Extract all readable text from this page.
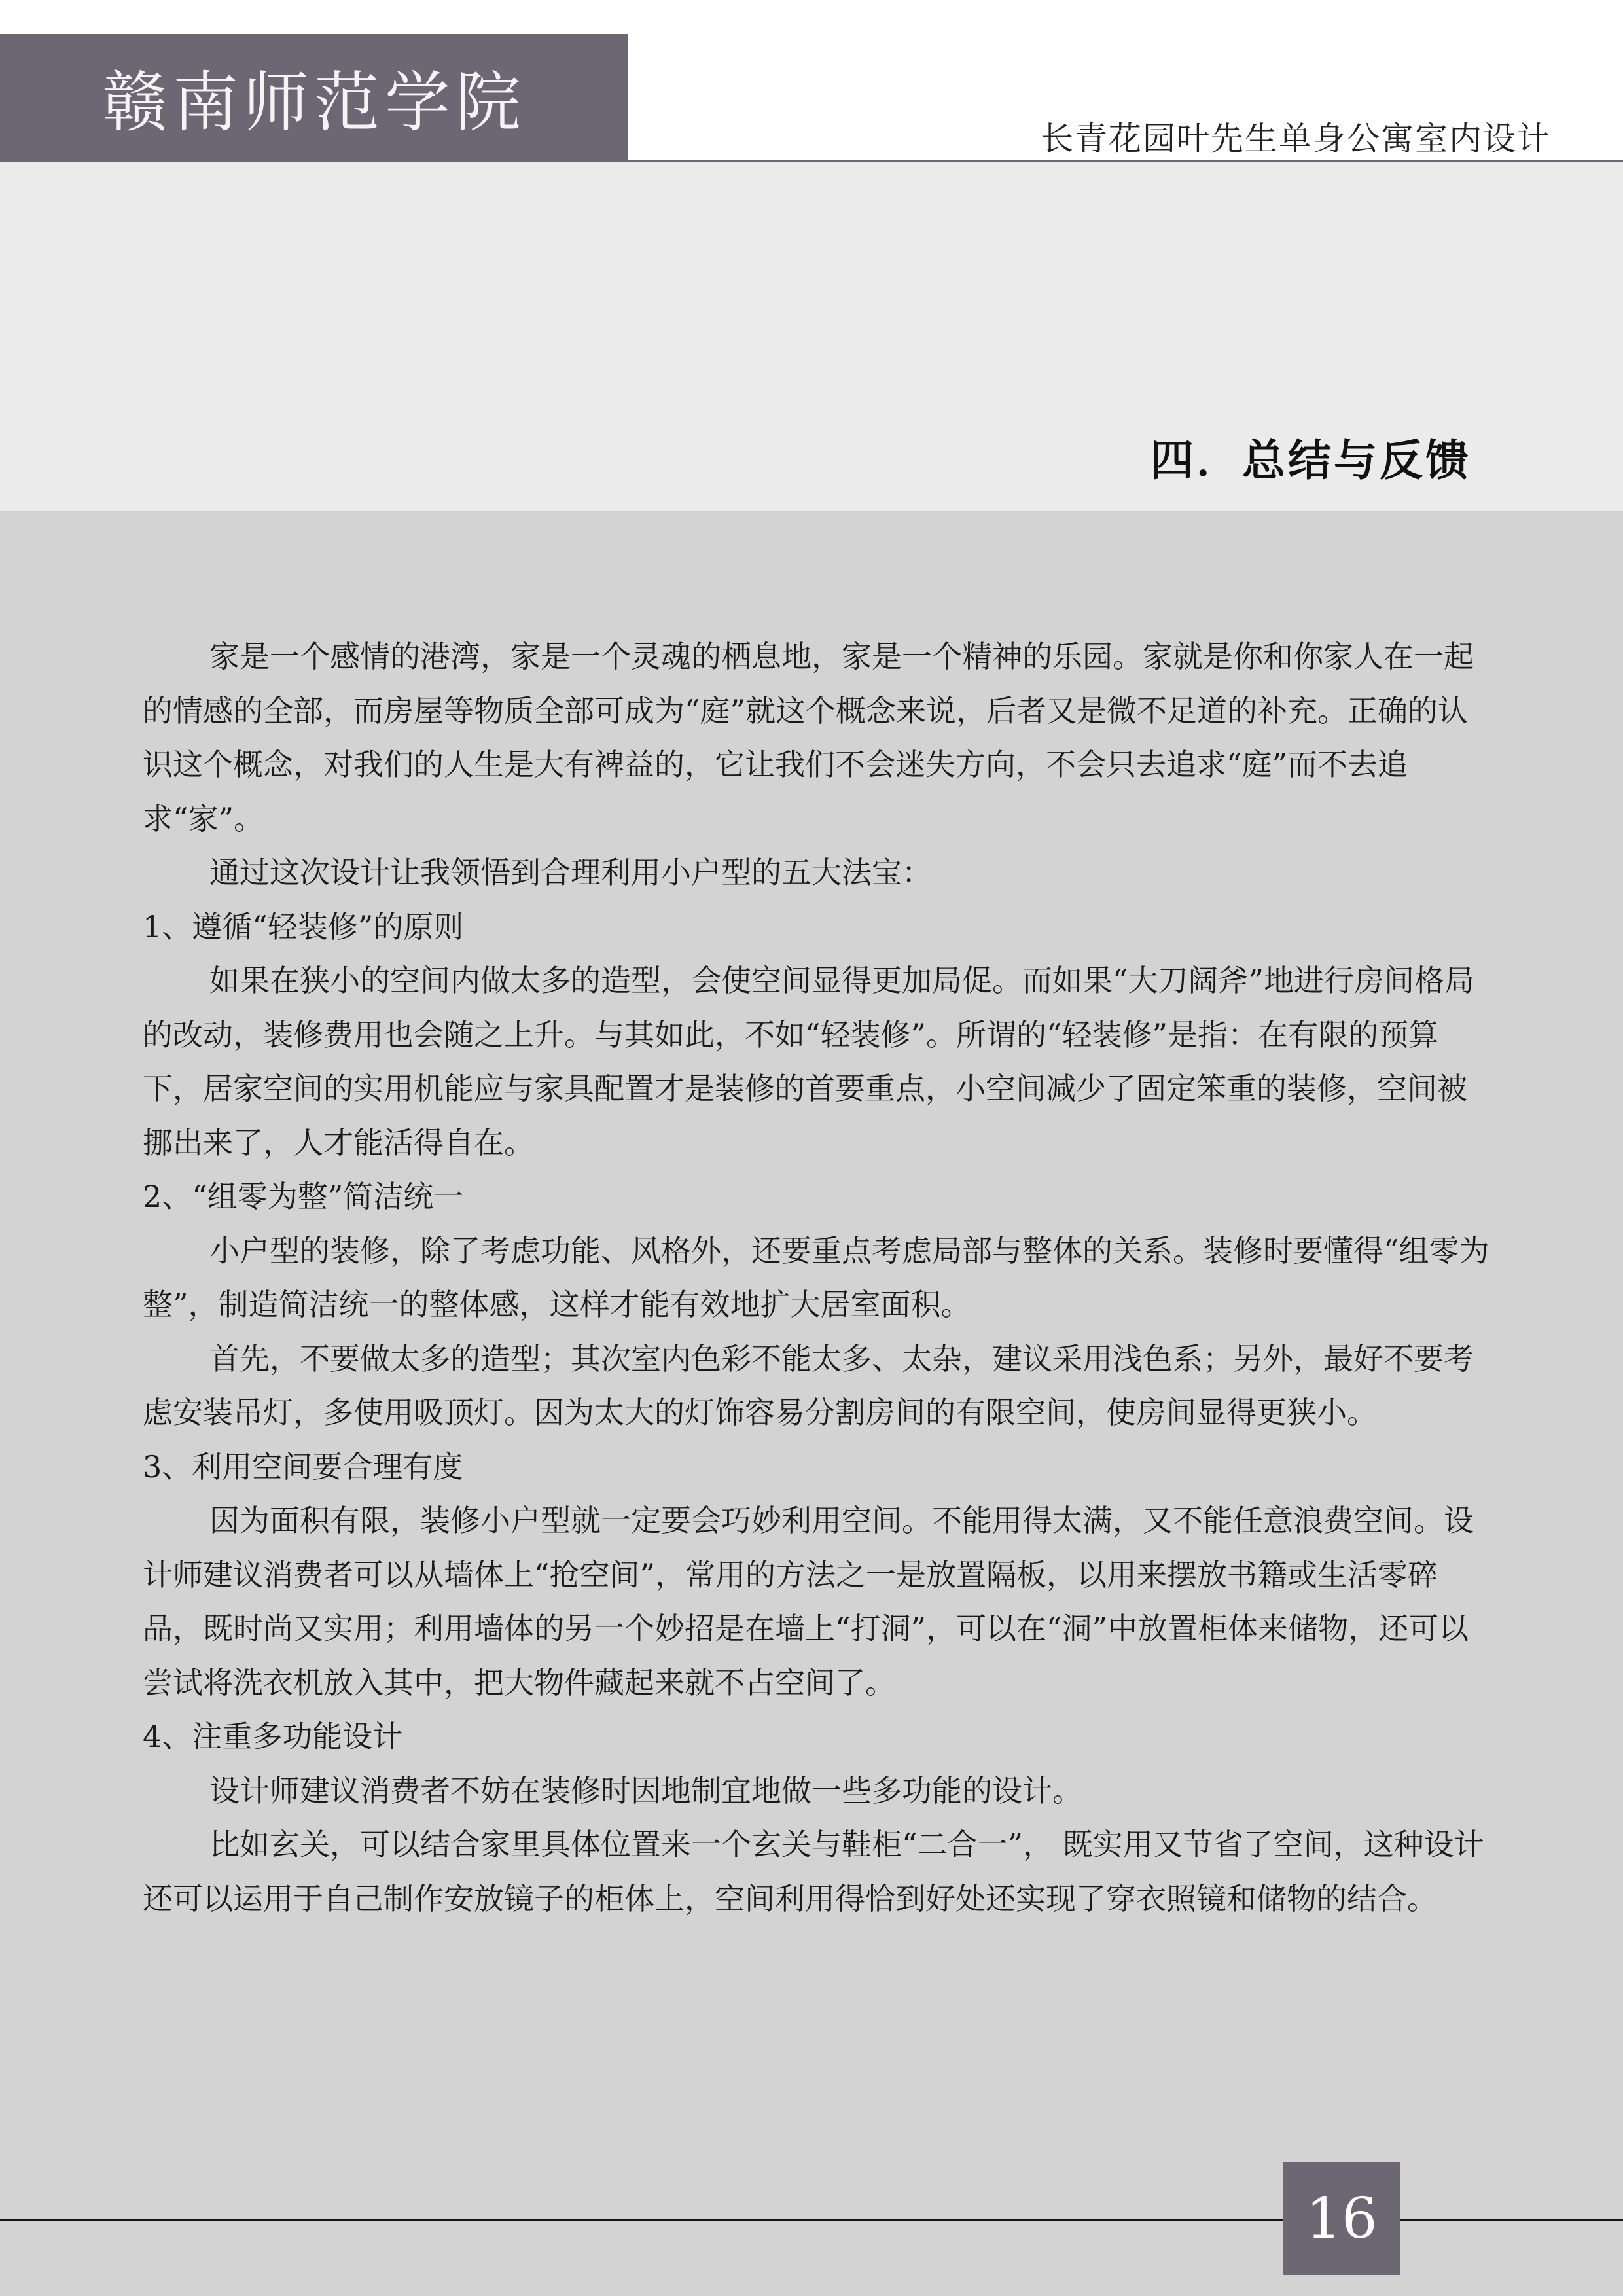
赣南师范学院	长青花园叶先生单身公寓室内设计
四．总结与反馈

家是一个感情的港湾，家是一个灵魂的栖息地，家是一个精神的乐园。家就是你和你家人在一起的情感的全部，而房屋等物质全部可成为“庭”就这个概念来说，后者又是微不足道的补充。正确的认识这个概念，对我们的人生是大有裨益的，它让我们不会迷失方向，不会只去追求“庭”而不去追求“家”。

通过这次设计让我领悟到合理利用小户型的五大法宝：

1、遵循“轻装修”的原则

如果在狭小的空间内做太多的造型，会使空间显得更加局促。而如果“大刀阔斧”地进行房间格局的改动，装修费用也会随之上升。与其如此，不如“轻装修”。所谓的“轻装修”是指：在有限的预算下，居家空间的实用机能应与家具配置才是装修的首要重点，小空间减少了固定笨重的装修，空间被挪出来了，人才能活得自在。

2、“组零为整”简洁统一

小户型的装修，除了考虑功能、风格外，还要重点考虑局部与整体的关系。装修时要懂得“组零为整”，制造简洁统一的整体感，这样才能有效地扩大居室面积。

首先，不要做太多的造型；其次室内色彩不能太多、太杂，建议采用浅色系；另外，最好不要考虑安装吊灯，多使用吸顶灯。因为太大的灯饰容易分割房间的有限空间，使房间显得更狭小。

3、利用空间要合理有度

因为面积有限，装修小户型就一定要会巧妙利用空间。不能用得太满，又不能任意浪费空间。设计师建议消费者可以从墙体上“抢空间”，常用的方法之一是放置隔板，以用来摆放书籍或生活零碎品，既时尚又实用；利用墙体的另一个妙招是在墙上“打洞”，可以在“洞”中放置柜体来储物，还可以尝试将洗衣机放入其中，把大物件藏起来就不占空间了。

4、注重多功能设计

设计师建议消费者不妨在装修时因地制宜地做一些多功能的设计。

比如玄关，可以结合家里具体位置来一个玄关与鞋柜“二合一”， 既实用又节省了空间，这种设计还可以运用于自己制作安放镜子的柜体上，空间利用得恰到好处还实现了穿衣照镜和储物的结合。

16
